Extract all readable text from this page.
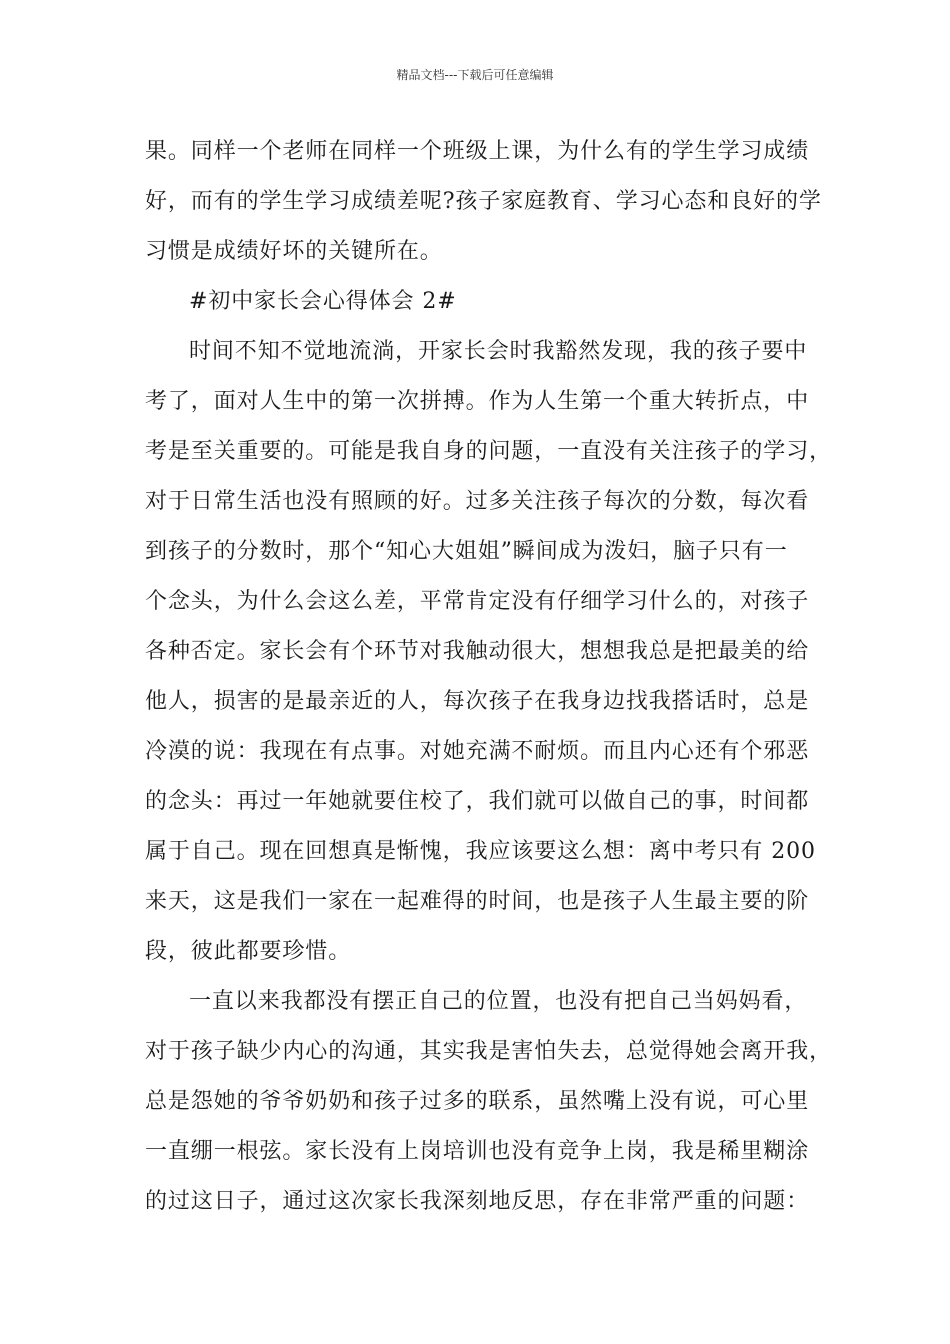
精品文档---下载后可任意编辑
果。同样一个老师在同样一个班级上课，为什么有的学生学习成绩
好，而有的学生学习成绩差呢?孩子家庭教育、学习心态和良好的学
习惯是成绩好坏的关键所在。
#初中家长会心得体会 2#
时间不知不觉地流淌，开家长会时我豁然发现，我的孩子要中
考了，面对人生中的第一次拼搏。作为人生第一个重大转折点，中
考是至关重要的。可能是我自身的问题，一直没有关注孩子的学习，
对于日常生活也没有照顾的好。过多关注孩子每次的分数，每次看
到孩子的分数时，那个“知心大姐姐”瞬间成为泼妇，脑子只有一
个念头，为什么会这么差，平常肯定没有仔细学习什么的，对孩子
各种否定。家长会有个环节对我触动很大，想想我总是把最美的给
他人，损害的是最亲近的人，每次孩子在我身边找我搭话时，总是
冷漠的说：我现在有点事。对她充满不耐烦。而且内心还有个邪恶
的念头：再过一年她就要住校了，我们就可以做自己的事，时间都
属于自己。现在回想真是惭愧，我应该要这么想：离中考只有 200
来天，这是我们一家在一起难得的时间，也是孩子人生最主要的阶
段，彼此都要珍惜。
一直以来我都没有摆正自己的位置，也没有把自己当妈妈看，
对于孩子缺少内心的沟通，其实我是害怕失去，总觉得她会离开我，
总是怨她的爷爷奶奶和孩子过多的联系，虽然嘴上没有说，可心里
一直绷一根弦。家长没有上岗培训也没有竞争上岗，我是稀里糊涂
的过这日子，通过这次家长我深刻地反思，存在非常严重的问题：
